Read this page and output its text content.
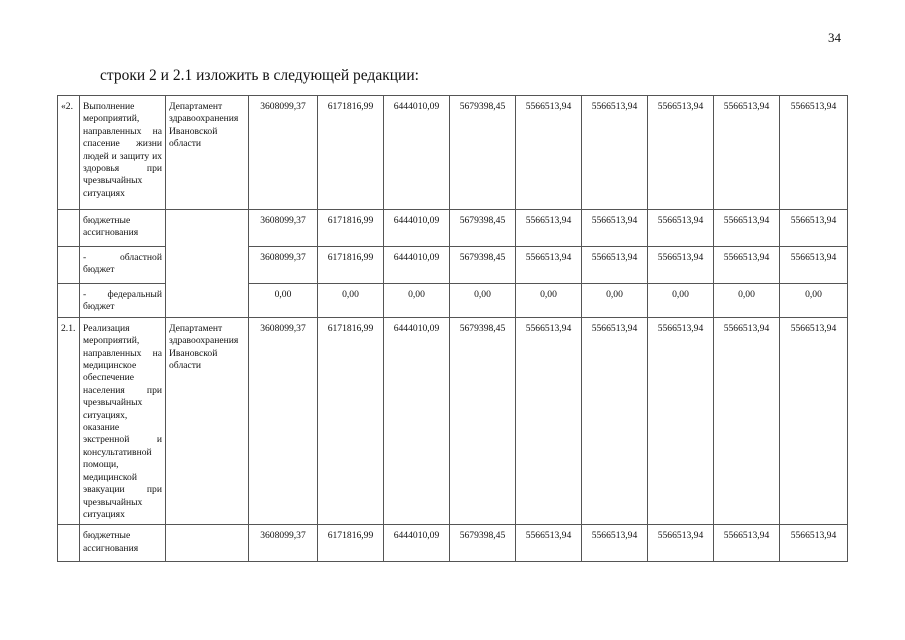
34
строки 2 и 2.1 изложить в следующей редакции:
«2.	Выполнение мероприятий, направленных на спасение жизни людей и защиту их здоровья при чрезвычайных ситуациях	Департамент здравоохранения Ивановской области	3608099,37	6171816,99	6444010,09	5679398,45	5566513,94	5566513,94	5566513,94	5566513,94	5566513,94
	бюджетные ассигнования		3608099,37	6171816,99	6444010,09	5679398,45	5566513,94	5566513,94	5566513,94	5566513,94	5566513,94
	- областной бюджет		3608099,37	6171816,99	6444010,09	5679398,45	5566513,94	5566513,94	5566513,94	5566513,94	5566513,94
	- федеральный бюджет		0,00	0,00	0,00	0,00	0,00	0,00	0,00	0,00	0,00
2.1.	Реализация мероприятий, направленных на медицинское обеспечение населения при чрезвычайных ситуациях, оказание экстренной и консультативной помощи, медицинской эвакуации при чрезвычайных ситуациях	Департамент здравоохранения Ивановской области	3608099,37	6171816,99	6444010,09	5679398,45	5566513,94	5566513,94	5566513,94	5566513,94	5566513,94
	бюджетные ассигнования		3608099,37	6171816,99	6444010,09	5679398,45	5566513,94	5566513,94	5566513,94	5566513,94	5566513,94
